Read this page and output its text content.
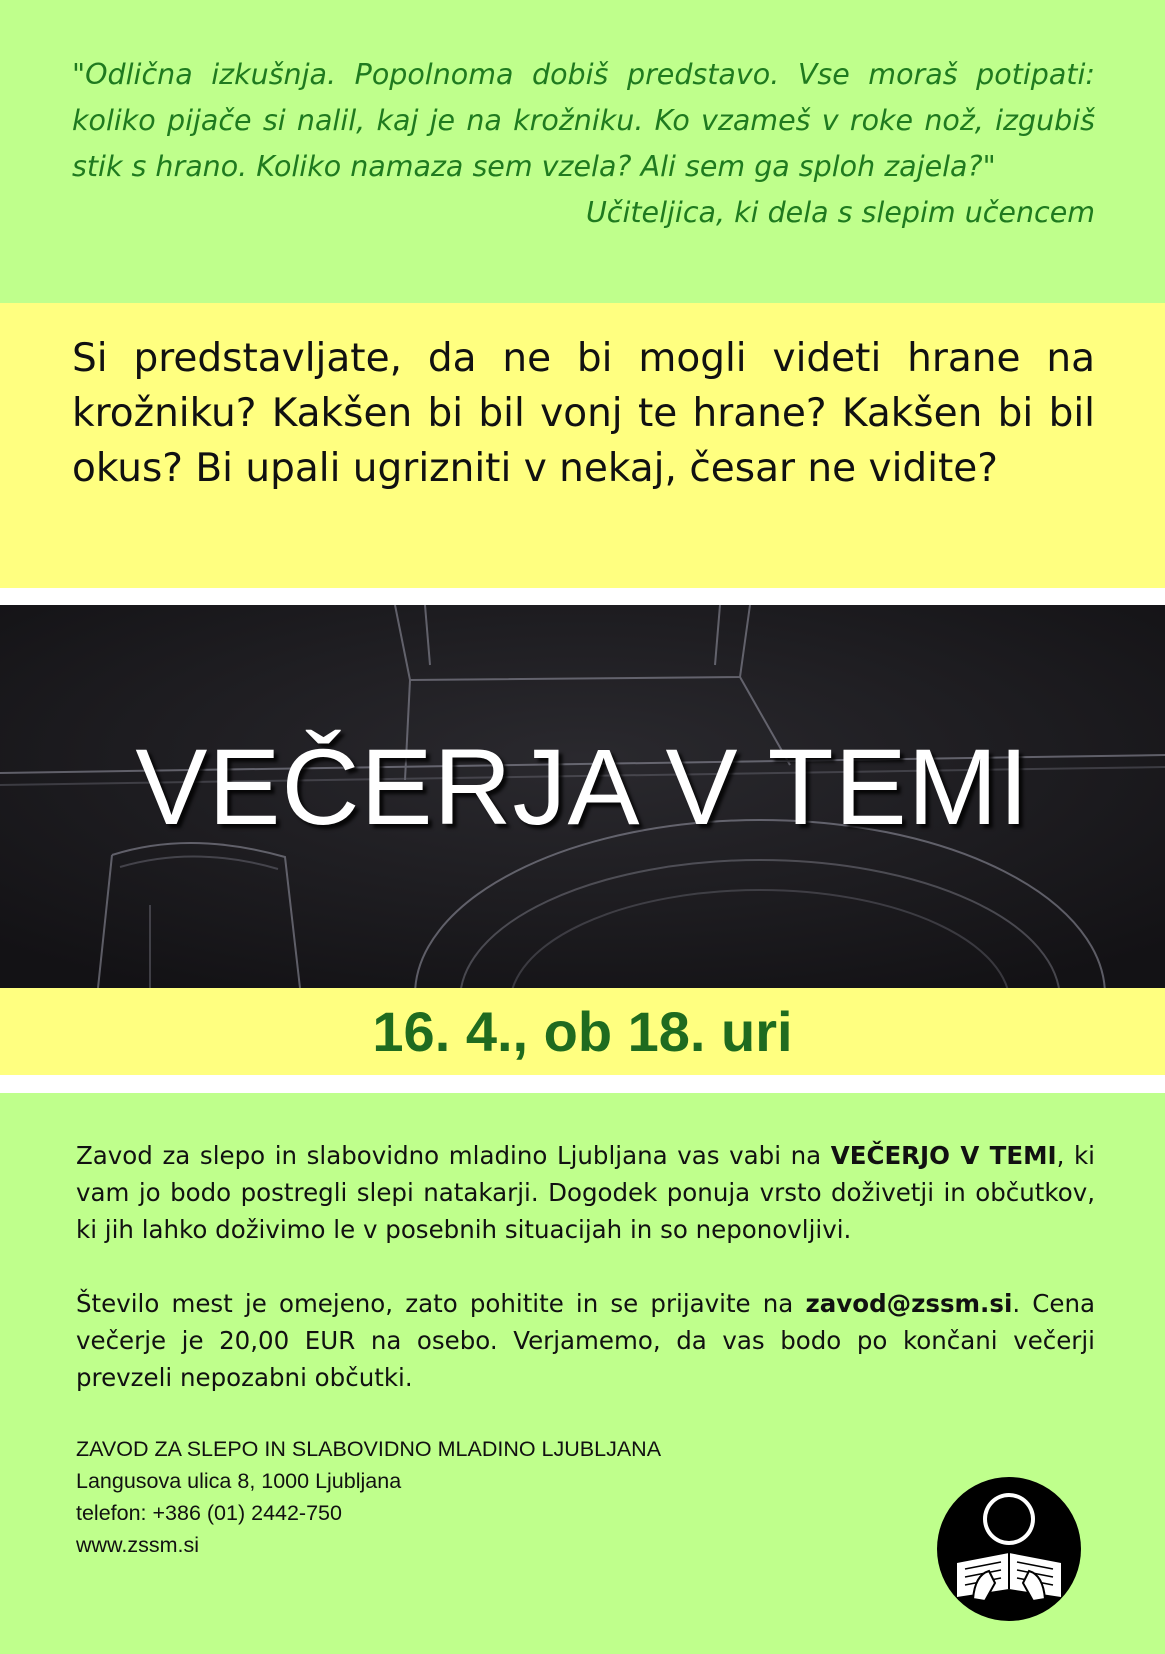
"Odlična izkušnja. Popolnoma dobiš predstavo. Vse moraš potipati: koliko pijače si nalil, kaj je na krožniku. Ko vzameš v roke nož, izgubiš stik s hrano. Koliko namaza sem vzela? Ali sem ga sploh zajela?"

Učiteljica, ki dela s slepim učencem

Si predstavljate, da ne bi mogli videti hrane na krožniku? Kakšen bi bil vonj te hrane? Kakšen bi bil okus? Bi upali ugrizniti v nekaj, česar ne vidite?

VEČERJA V TEMI
16. 4., ob 18. uri

Zavod za slepo in slabovidno mladino Ljubljana vas vabi na VEČERJO V TEMI, ki vam jo bodo postregli slepi natakarji. Dogodek ponuja vrsto doživetji in občutkov, ki jih lahko doživimo le v posebnih situacijah in so neponovljivi.

Število mest je omejeno, zato pohitite in se prijavite na zavod@zssm.si. Cena večerje je 20,00 EUR na osebo. Verjamemo, da vas bodo po končani večerji prevzeli nepozabni občutki.

ZAVOD ZA SLEPO IN SLABOVIDNO MLADINO LJUBLJANA
Langusova ulica 8, 1000 Ljubljana
telefon: +386 (01) 2442-750
www.zssm.si
